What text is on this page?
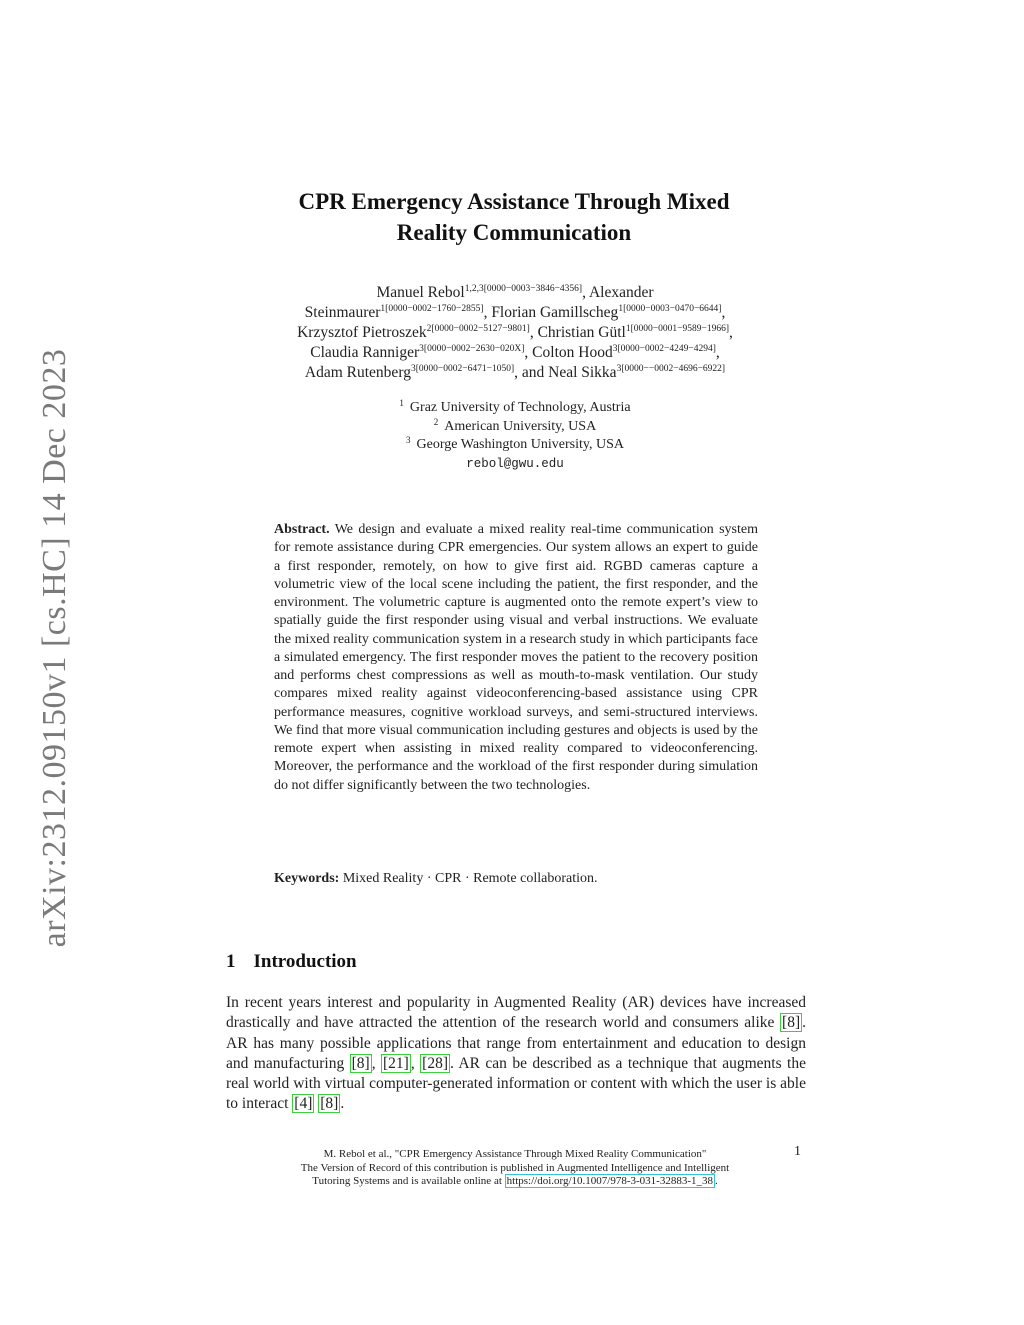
arXiv:2312.09150v1 [cs.HC] 14 Dec 2023
CPR Emergency Assistance Through Mixed
Reality Communication
Manuel Rebol$^{1,2,3[0000-0003-3846-4356]}$, Alexander
Steinmaurer$^{1[0000-0002-1760-2855]}$, Florian Gamillscheg$^{1[0000-0003-0470-6644]}$,
Krzysztof Pietroszek$^{2[0000-0002-5127-9801]}$, Christian Gütl$^{1[0000-0001-9589-1966]}$,
Claudia Ranniger$^{3[0000-0002-2630-020X]}$, Colton Hood$^{3[0000-0002-4249-4294]}$,
Adam Rutenberg$^{3[0000-0002-6471-1050]}$, and Neal Sikka$^{3[0000--0002-4696-6922]}$
$^1$ Graz University of Technology, Austria
$^2$ American University, USA
$^3$ George Washington University, USA
rebol@gwu.edu
Abstract. We design and evaluate a mixed reality real-time communication system for remote assistance during CPR emergencies. Our system allows an expert to guide a first responder, remotely, on how to give first aid. RGBD cameras capture a volumetric view of the local scene including the patient, the first responder, and the environment. The volumetric capture is augmented onto the remote expert’s view to spatially guide the first responder using visual and verbal instructions. We evaluate the mixed reality communication system in a research study in which participants face a simulated emergency. The first responder moves the patient to the recovery position and performs chest compressions as well as mouth-to-mask ventilation. Our study compares mixed reality against videoconferencing-based assistance using CPR performance measures, cognitive workload surveys, and semi-structured interviews. We find that more visual communication including gestures and objects is used by the remote expert when assisting in mixed reality compared to videoconferencing. Moreover, the performance and the workload of the first responder during simulation do not differ significantly between the two technologies.
Keywords: Mixed Reality · CPR · Remote collaboration.
1 Introduction
In recent years interest and popularity in Augmented Reality (AR) devices have increased drastically and have attracted the attention of the research world and consumers alike [8] . AR has many possible applications that range from entertainment and education to design and manufacturing [8] , [21] , [28] . AR can be described as a technique that augments the real world with virtual computer-generated information or content with which the user is able to interact [4] [8] .
M. Rebol et al., "CPR Emergency Assistance Through Mixed Reality Communication"
The Version of Record of this contribution is published in Augmented Intelligence and Intelligent
Tutoring Systems and is available online at https://doi.org/10.1007/978-3-031-32883-1_38 .
1
